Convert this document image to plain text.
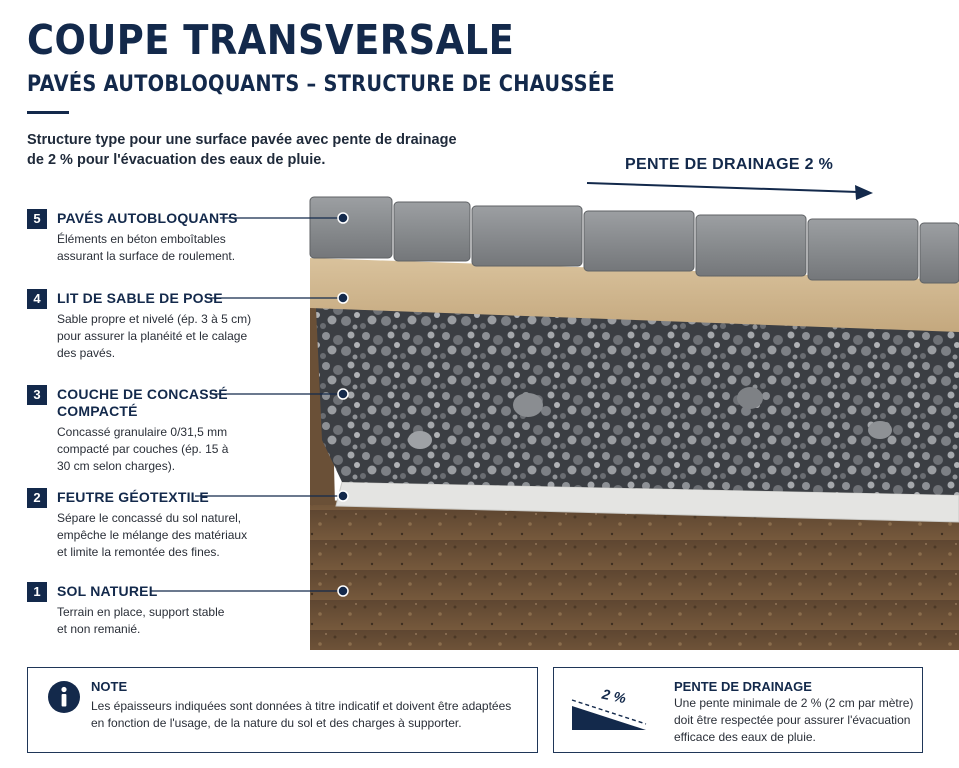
COUPE TRANSVERSALE
PAVÉS AUTOBLOQUANTS – STRUCTURE DE CHAUSSÉE
Structure type pour une surface pavée avec pente de drainage
de 2 % pour l'évacuation des eaux de pluie.	PENTE DE DRAINAGE 2 %
5	PAVÉS AUTOBLOQUANTS
Éléments en béton emboîtables
assurant la surface de roulement.
4	LIT DE SABLE DE POSE
Sable propre et nivelé (ép. 3 à 5 cm)
pour assurer la planéité et le calage
des pavés.
3	COUCHE DE CONCASSÉ
COMPACTÉ
Concassé granulaire 0/31,5 mm
compacté par couches (ép. 15 à
30 cm selon charges).
2	FEUTRE GÉOTEXTILE
Sépare le concassé du sol naturel,
empêche le mélange des matériaux
et limite la remontée des fines.
1	SOL NATUREL
Terrain en place, support stable
et non remanié.
NOTE
Les épaisseurs indiquées sont données à titre indicatif et doivent être adaptées
en fonction de l'usage, de la nature du sol et des charges à supporter.
2 %	PENTE DE DRAINAGE
Une pente minimale de 2 % (2 cm par mètre)
doit être respectée pour assurer l'évacuation
efficace des eaux de pluie.
